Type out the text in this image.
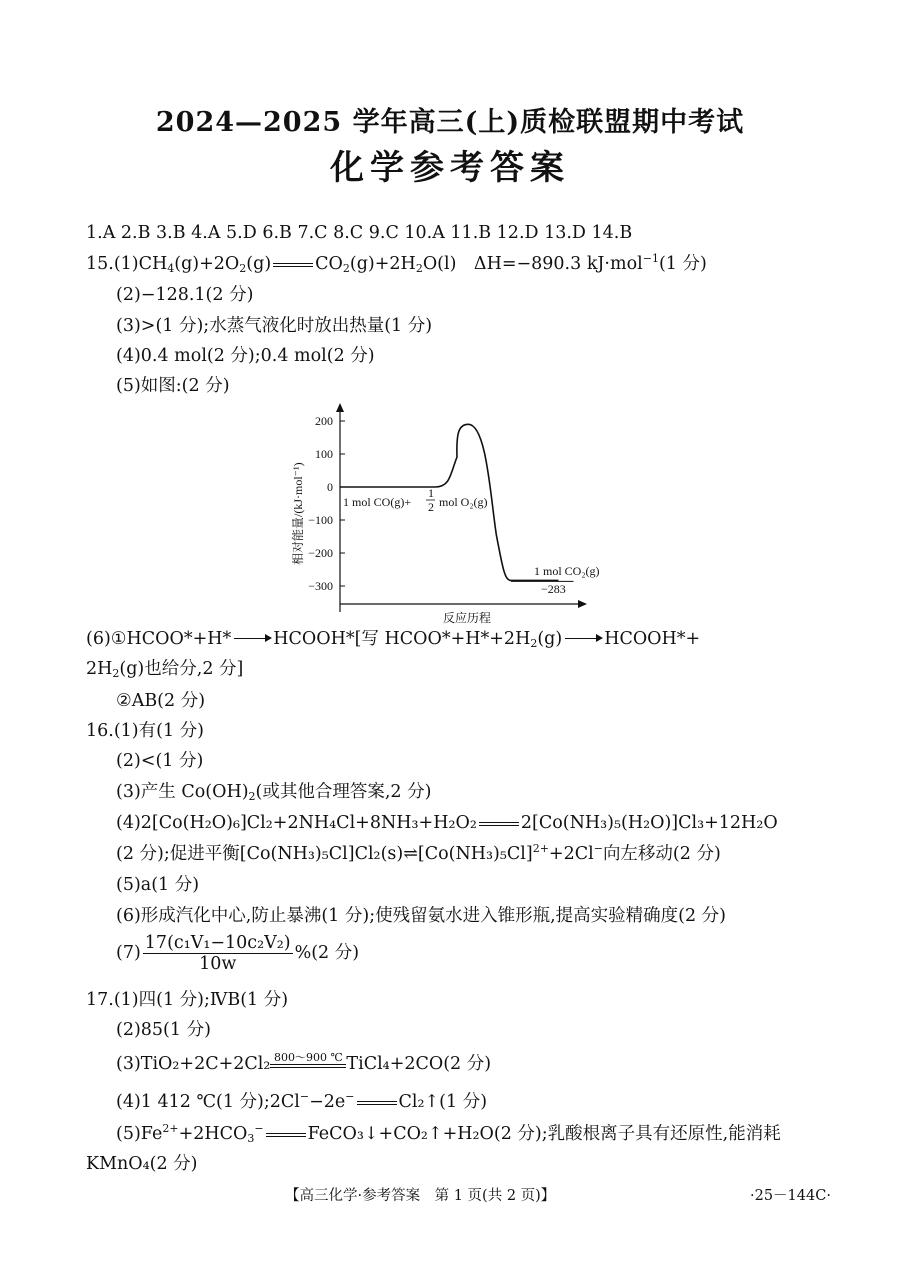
2024—2025 学年高三(上)质检联盟期中考试
化学参考答案
1.A 2.B 3.B 4.A 5.D 6.B 7.C 8.C 9.C 10.A 11.B 12.D 13.D 14.B
$15.(1)CH_4(g)+2O_2(g)$	$CO_2(g)+2H_2O(l)$　ΔH=−890.3 kJ·mol$^{-1}$(1 分)
(2)−128.1(2 分)
(3)>(1 分);水蒸气液化时放出热量(1 分)
(4)0.4 mol(2 分);0.4 mol(2 分)
(5)如图:(2 分)
200
100
0
−100
−200
−300
1 mol CO(g)+
1
2 mol O₂(g)
1 mol CO₂(g)
−283
反应历程
相对能量/(kJ·mol⁻¹)
(6)①HCOO*+H* HCOOH*[写 $HCOO*+H*+2H_2(g)$ HCOOH*+
$2H_2(g)$也给分,2 分]
②AB(2 分)
16.(1)有(1 分)
(2)<(1 分)
(3)产生 $Co(OH)_2$(或其他合理答案,2 分)
(4)2[Co(H₂O)₆]Cl₂+2NH₄Cl+8NH₃+H₂O₂	2[Co(NH₃)₅(H₂O)]Cl₃+12H₂O
(2 分);促进平衡$[Co(NH_3)_5Cl]Cl_2(s)\rightleftharpoons[Co(NH_3)_5Cl]^{2+}+2Cl^-$向左移动(2 分)
(5)a(1 分)
(6)形成汽化中心,防止暴沸(1 分);使残留氨水进入锥形瓶,提高实验精确度(2 分)
$(7) \frac{\text{17(c₁V₁−10c₂V₂)}}{10w} \%(2$ 分)
17.(1)四(1 分);ⅣB(1 分)
(2)85(1 分)
(3)TiO₂+2C+2Cl₂ 800～900 ℃ TiCl₄+2CO(2 分)
(4)1 412 ℃(1 分);2Cl−−2e−	Cl₂↑(1 分)
$(5)Fe^{2+}+2HCO_3^-$	FeCO₃↓+CO₂↑+H₂O(2 分);乳酸根离子具有还原性,能消耗
KMnO₄(2 分)
【高三化学·参考答案　第 1 页(共 2 页)】	·25－144C·
